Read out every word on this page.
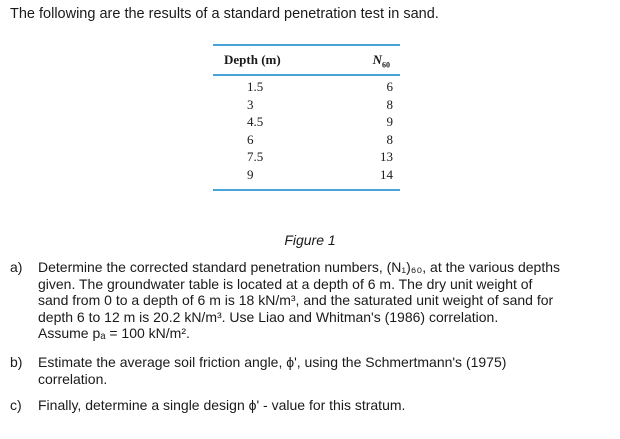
The following are the results of a standard penetration test in sand.
Depth (m)	$N_{60}$
1.5	6
3	8
4.5	9
6	8
7.5	13
9	14
Figure 1
a) Determine the corrected standard penetration numbers, (N₁)₆₀, at the various depths
given. The groundwater table is located at a depth of 6 m. The dry unit weight of
sand from 0 to a depth of 6 m is 18 kN/m³, and the saturated unit weight of sand for
depth 6 to 12 m is 20.2 kN/m³. Use Liao and Whitman's (1986) correlation.
Assume pₐ = 100 kN/m².
b) Estimate the average soil friction angle, ϕ', using the Schmertmann's (1975)
correlation.
c) Finally, determine a single design ϕ' - value for this stratum.
